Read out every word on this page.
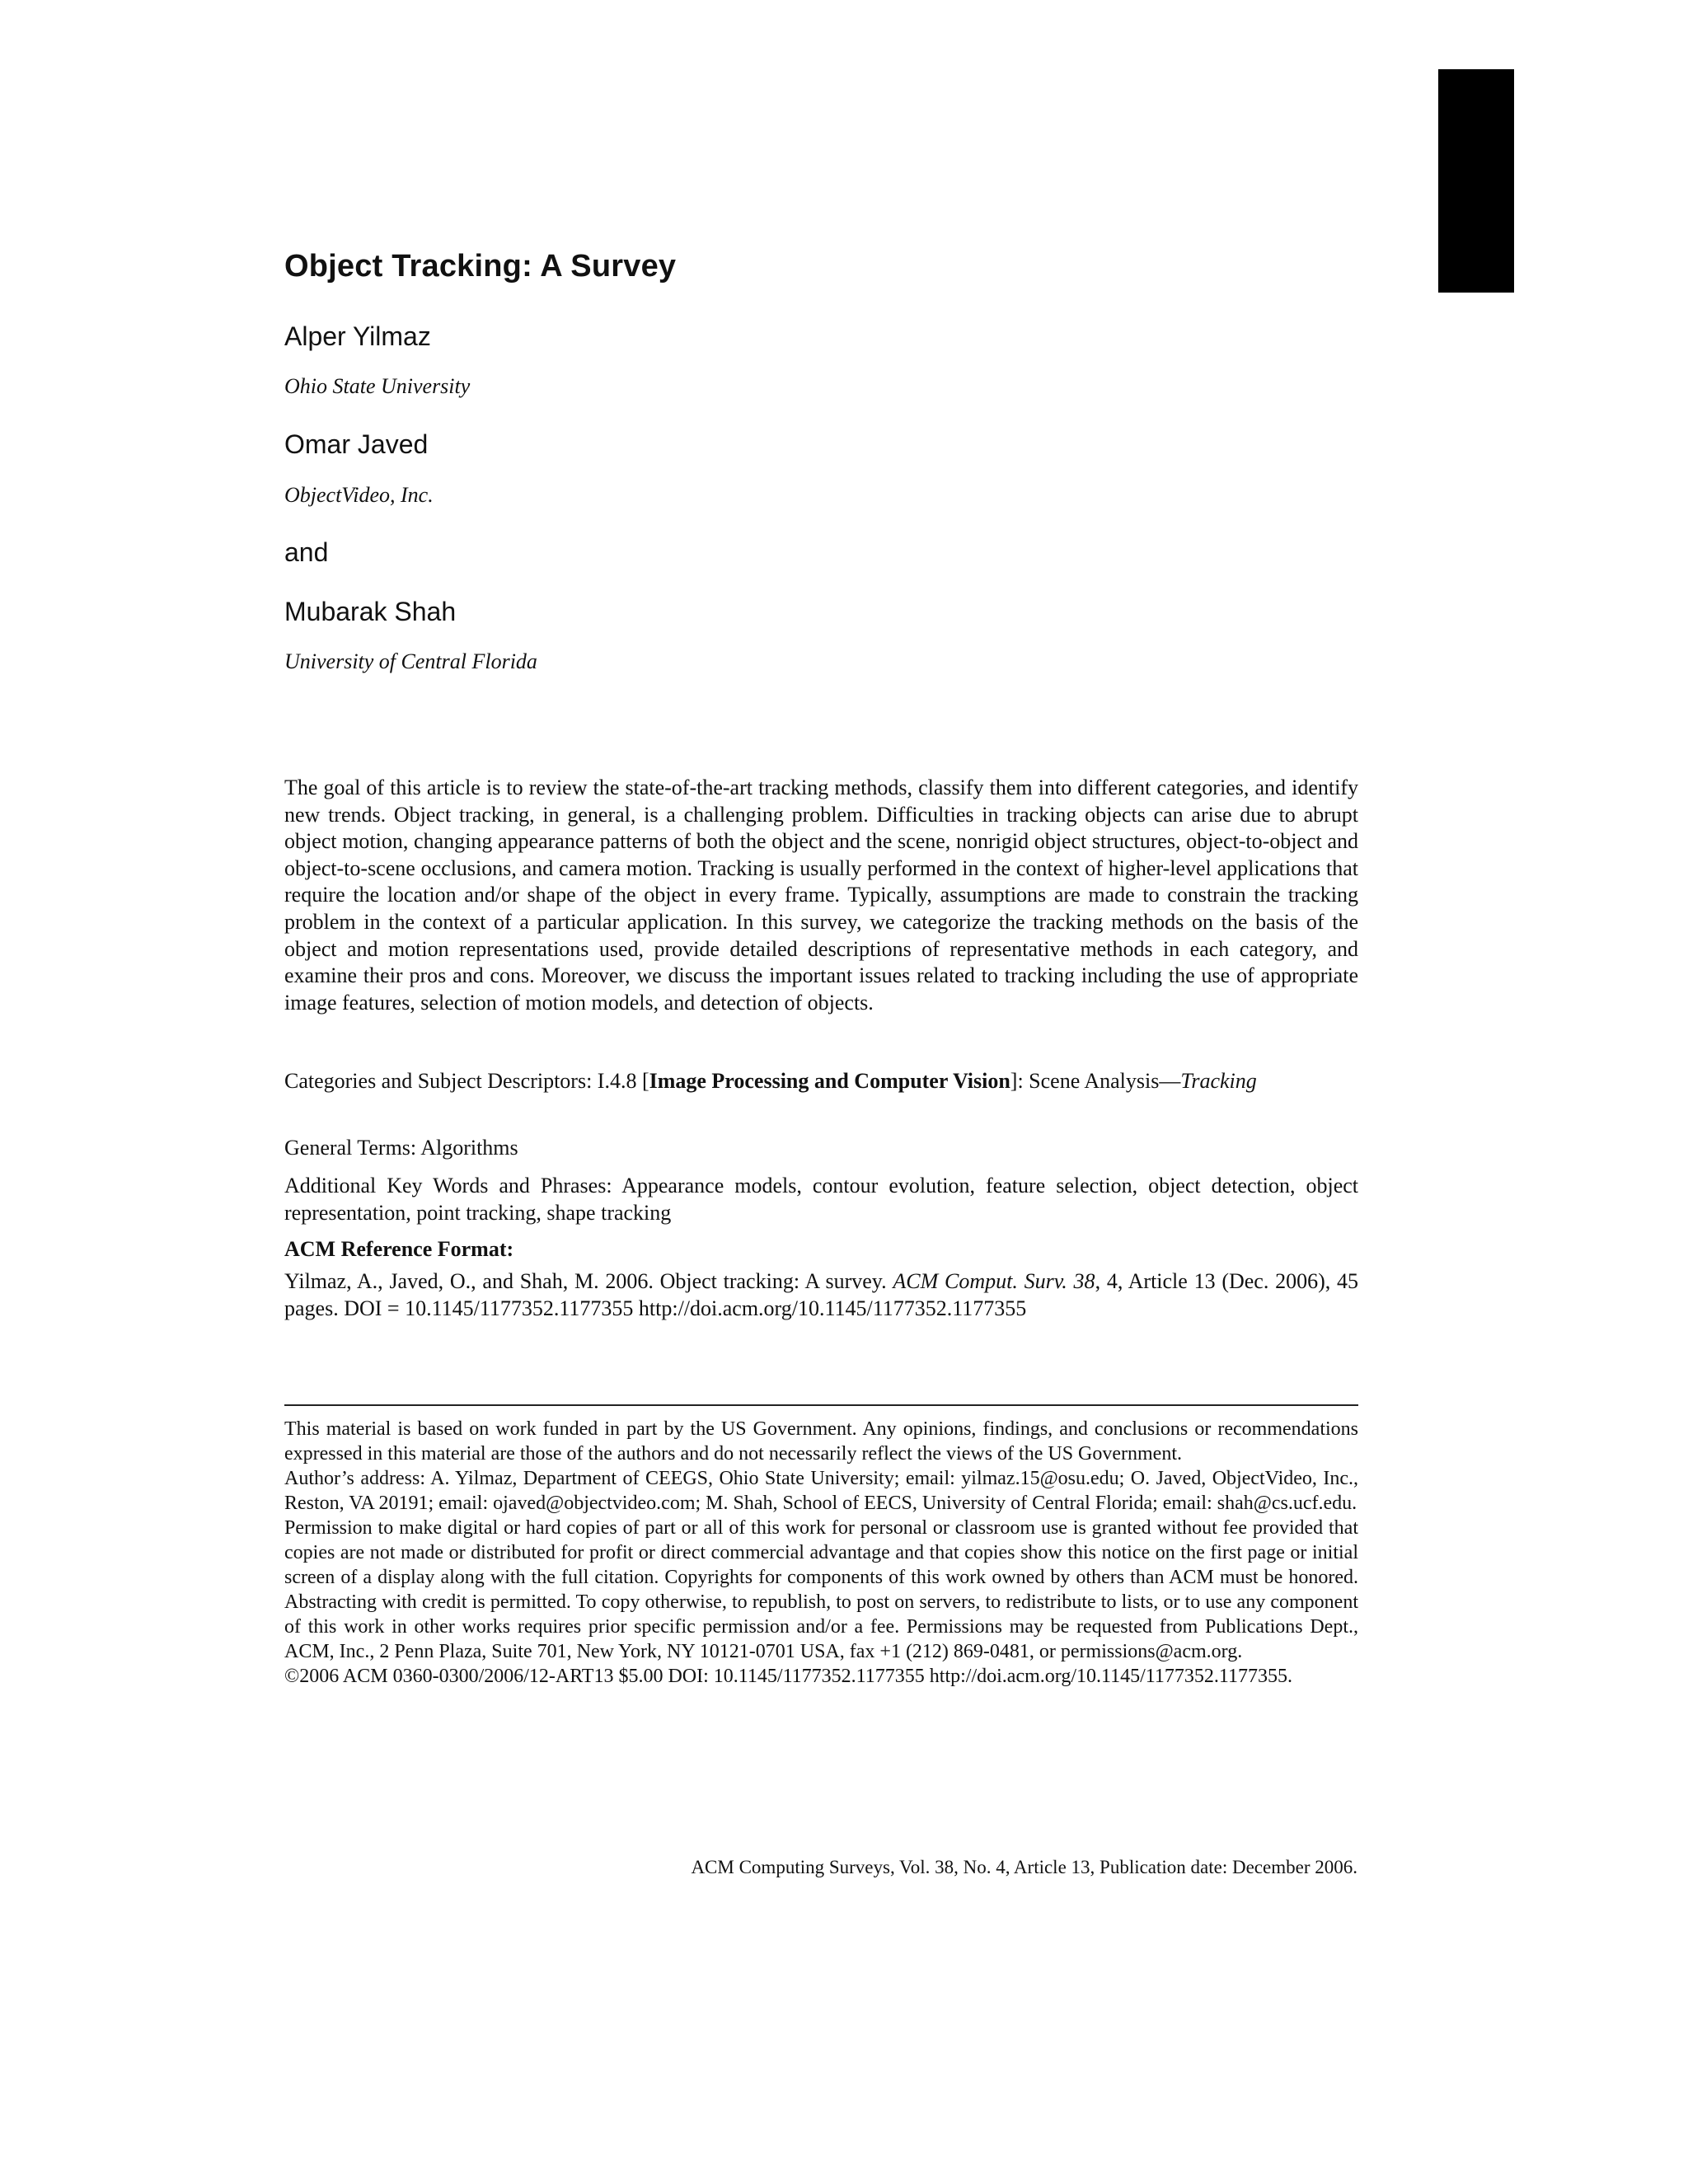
Object Tracking: A Survey
Alper Yilmaz
Ohio State University
Omar Javed
ObjectVideo, Inc.
and
Mubarak Shah
University of Central Florida
The goal of this article is to review the state-of-the-art tracking methods, classify them into different categories, and identify new trends. Object tracking, in general, is a challenging problem. Difficulties in tracking objects can arise due to abrupt object motion, changing appearance patterns of both the object and the scene, nonrigid object structures, object-to-object and object-to-scene occlusions, and camera motion. Tracking is usually performed in the context of higher-level applications that require the location and/or shape of the object in every frame. Typically, assumptions are made to constrain the tracking problem in the context of a particular application. In this survey, we categorize the tracking methods on the basis of the object and motion representations used, provide detailed descriptions of representative methods in each category, and examine their pros and cons. Moreover, we discuss the important issues related to tracking including the use of appropriate image features, selection of motion models, and detection of objects.
Categories and Subject Descriptors: I.4.8 [Image Processing and Computer Vision]: Scene Analysis—Tracking
General Terms: Algorithms
Additional Key Words and Phrases: Appearance models, contour evolution, feature selection, object detection, object representation, point tracking, shape tracking
ACM Reference Format:
Yilmaz, A., Javed, O., and Shah, M. 2006. Object tracking: A survey. ACM Comput. Surv. 38, 4, Article 13 (Dec. 2006), 45 pages. DOI = 10.1145/1177352.1177355 http://doi.acm.org/10.1145/1177352.1177355

This material is based on work funded in part by the US Government. Any opinions, findings, and conclusions or recommendations expressed in this material are those of the authors and do not necessarily reflect the views of the US Government.

Author’s address: A. Yilmaz, Department of CEEGS, Ohio State University; email: yilmaz.15@osu.edu; O. Javed, ObjectVideo, Inc., Reston, VA 20191; email: ojaved@objectvideo.com; M. Shah, School of EECS, University of Central Florida; email: shah@cs.ucf.edu.

Permission to make digital or hard copies of part or all of this work for personal or classroom use is granted without fee provided that copies are not made or distributed for profit or direct commercial advantage and that copies show this notice on the first page or initial screen of a display along with the full citation. Copyrights for components of this work owned by others than ACM must be honored. Abstracting with credit is permitted. To copy otherwise, to republish, to post on servers, to redistribute to lists, or to use any component of this work in other works requires prior specific permission and/or a fee. Permissions may be requested from Publications Dept., ACM, Inc., 2 Penn Plaza, Suite 701, New York, NY 10121-0701 USA, fax +1 (212) 869-0481, or permissions@acm.org.

©2006 ACM 0360-0300/2006/12-ART13 $5.00 DOI: 10.1145/1177352.1177355 http://doi.acm.org/10.1145/1177352.1177355.

ACM Computing Surveys, Vol. 38, No. 4, Article 13, Publication date: December 2006.
